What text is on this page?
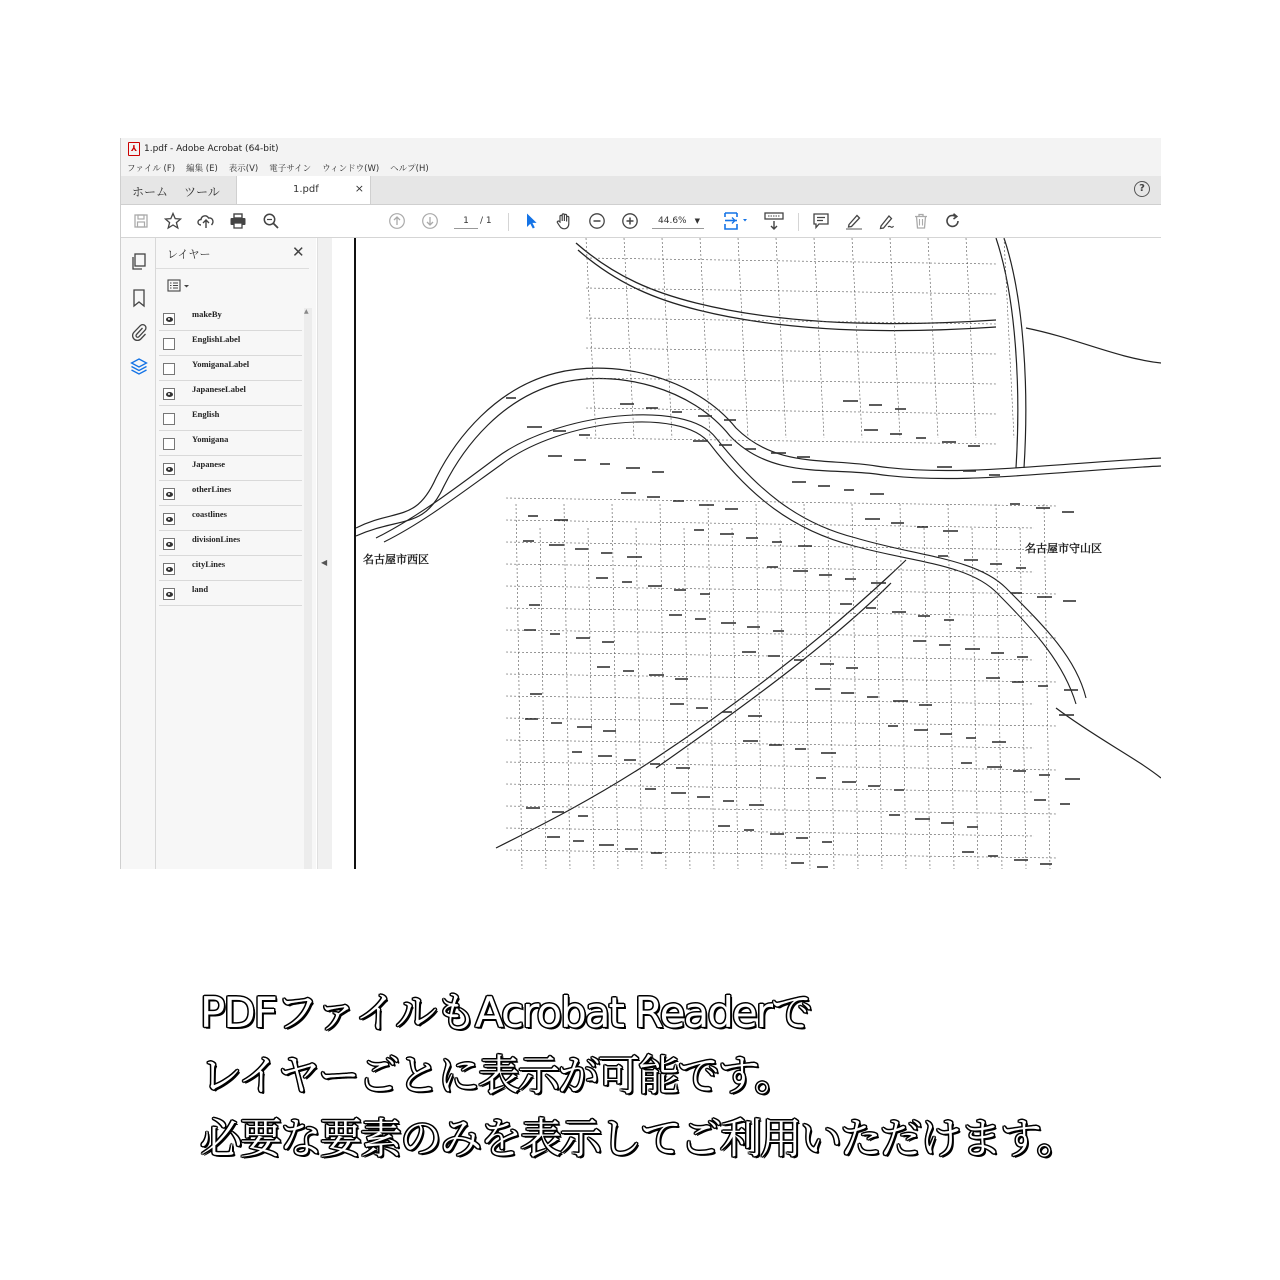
⅄ 1.pdf - Adobe Acrobat (64-bit)
ファイル (F) 編集 (E) 表示(V) 電子サイン ウィンドウ(W) ヘルプ(H)
ホーム ツール	1.pdf	×	?
1	/ 1	44.6% ▼
レイヤー	✕
makeBy
EnglishLabel
YomiganaLabel
JapaneseLabel
English
Yomigana
Japanese
otherLines
coastlines
divisionLines
cityLines
land
▲
◀	名古屋市西区
名古屋市守山区
PDFファイルもAcrobat Readerで
レイヤーごとに表示が可能です。
必要な要素のみを表示してご利用いただけます。
